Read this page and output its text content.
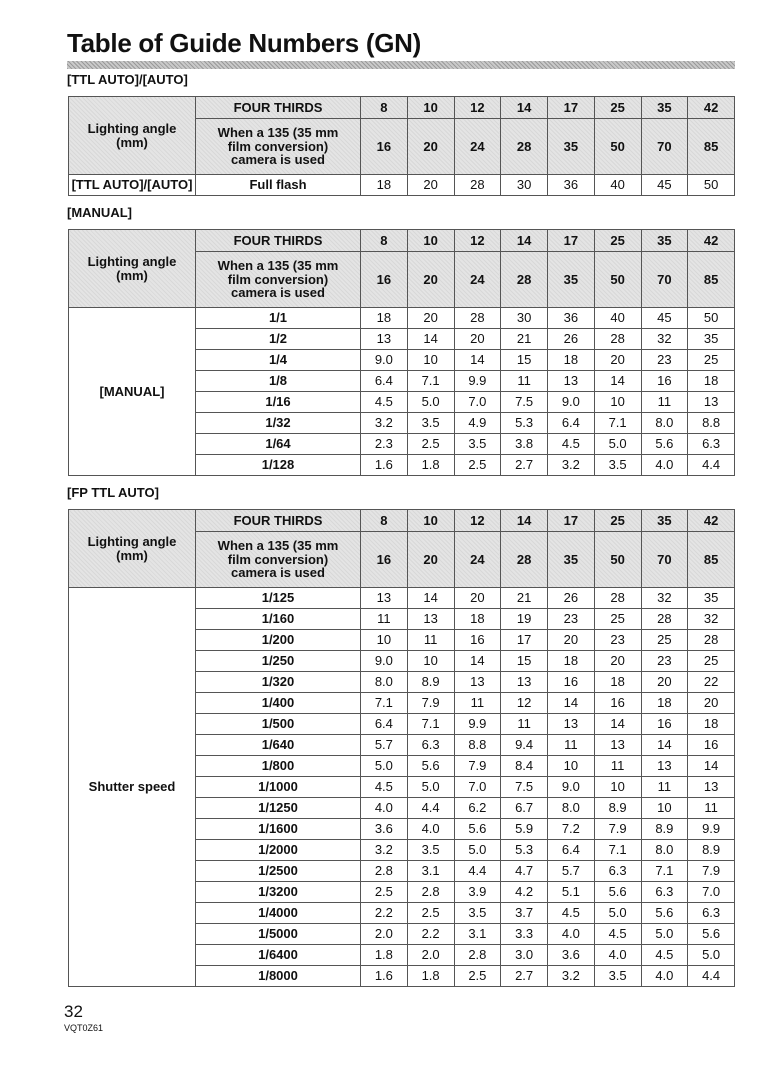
Table of Guide Numbers (GN)
[TTL AUTO]/[AUTO]
Lighting angle
(mm)	FOUR THIRDS	8	10	12	14	17	25	35	42

	When a 135 (35 mm
film conversion)
camera is used	16	20	24	28	35	50	70	85
[TTL AUTO]/[AUTO]	Full flash	18	20	28	30	36	40	45	50
[MANUAL]
Lighting angle
(mm)	FOUR THIRDS	8	10	12	14	17	25	35	42

	When a 135 (35 mm
film conversion)
camera is used	16	20	24	28	35	50	70	85
[MANUAL]	1/1	18	20	28	30	36	40	45	50
	1/2	13	14	20	21	26	28	32	35
	1/4	9.0	10	14	15	18	20	23	25
	1/8	6.4	7.1	9.9	11	13	14	16	18
	1/16	4.5	5.0	7.0	7.5	9.0	10	11	13
	1/32	3.2	3.5	4.9	5.3	6.4	7.1	8.0	8.8
	1/64	2.3	2.5	3.5	3.8	4.5	5.0	5.6	6.3
	1/128	1.6	1.8	2.5	2.7	3.2	3.5	4.0	4.4
[FP TTL AUTO]
Lighting angle
(mm)	FOUR THIRDS	8	10	12	14	17	25	35	42

	When a 135 (35 mm
film conversion)
camera is used	16	20	24	28	35	50	70	85
Shutter speed	1/125	13	14	20	21	26	28	32	35
	1/160	11	13	18	19	23	25	28	32
	1/200	10	11	16	17	20	23	25	28
	1/250	9.0	10	14	15	18	20	23	25
	1/320	8.0	8.9	13	13	16	18	20	22
	1/400	7.1	7.9	11	12	14	16	18	20
	1/500	6.4	7.1	9.9	11	13	14	16	18
	1/640	5.7	6.3	8.8	9.4	11	13	14	16
	1/800	5.0	5.6	7.9	8.4	10	11	13	14
	1/1000	4.5	5.0	7.0	7.5	9.0	10	11	13
	1/1250	4.0	4.4	6.2	6.7	8.0	8.9	10	11
	1/1600	3.6	4.0	5.6	5.9	7.2	7.9	8.9	9.9
	1/2000	3.2	3.5	5.0	5.3	6.4	7.1	8.0	8.9
	1/2500	2.8	3.1	4.4	4.7	5.7	6.3	7.1	7.9
	1/3200	2.5	2.8	3.9	4.2	5.1	5.6	6.3	7.0
	1/4000	2.2	2.5	3.5	3.7	4.5	5.0	5.6	6.3
	1/5000	2.0	2.2	3.1	3.3	4.0	4.5	5.0	5.6
	1/6400	1.8	2.0	2.8	3.0	3.6	4.0	4.5	5.0
	1/8000	1.6	1.8	2.5	2.7	3.2	3.5	4.0	4.4
32
VQT0Z61
